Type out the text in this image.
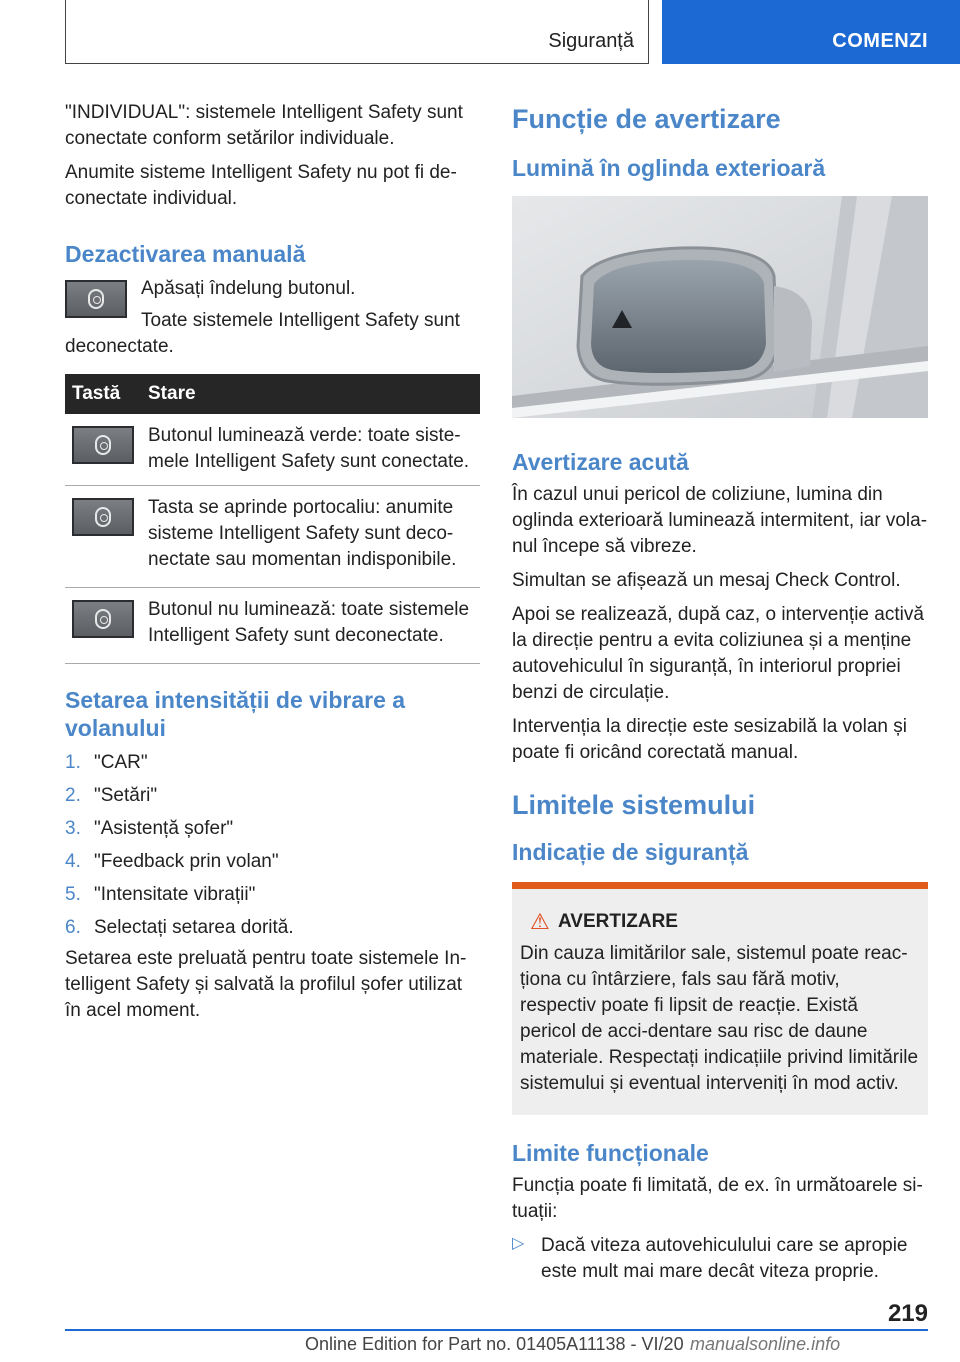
Siguranță	COMENZI

"INDIVIDUAL": sistemele Intelligent Safety sunt conectate conform setărilor individuale.

Anumite sisteme Intelligent Safety nu pot fi de-conectate individual.

Dezactivarea manuală

Apăsați îndelung butonul.

Toate sistemele Intelligent Safety sunt deconectate.

Tastă	Stare

	Butonul luminează verde: toate siste-mele Intelligent Safety sunt conectate.

	Tasta se aprinde portocaliu: anumite sisteme Intelligent Safety sunt deco-nectate sau momentan indisponibile.

	Butonul nu luminează: toate sistemele Intelligent Safety sunt deconectate.
Setarea intensității de vibrare a volanului
1. "CAR"
2. "Setări"
3. "Asistență șofer"
4. "Feedback prin volan"
5. "Intensitate vibrații"
6. Selectați setarea dorită.

Setarea este preluată pentru toate sistemele In-telligent Safety și salvată la profilul șofer utilizat în acel moment.

Funcție de avertizare
Lumină în oglinda exterioară
Avertizare acută

În cazul unui pericol de coliziune, lumina din oglinda exterioară luminează intermitent, iar vola-nul începe să vibreze.

Simultan se afișează un mesaj Check Control.

Apoi se realizează, după caz, o intervenție activă la direcție pentru a evita coliziunea și a menține autovehiculul în siguranță, în interiorul propriei benzi de circulație.

Intervenția la direcție este sesizabilă la volan și poate fi oricând corectată manual.

Limitele sistemului
Indicație de siguranță
⚠ AVERTIZARE

Din cauza limitărilor sale, sistemul poate reac-ționa cu întârziere, fals sau fără motiv, respectiv poate fi lipsit de reacție. Există pericol de acci-dentare sau risc de daune materiale. Respectați indicațiile privind limitările sistemului și eventual interveniți în mod activ.

Limite funcționale

Funcția poate fi limitată, de ex. în următoarele si-tuații:

▷ Dacă viteza autovehiculului care se apropie este mult mai mare decât viteza proprie.

219
Online Edition for Part no. 01405A11138 - VI/20 manualsonline.info
